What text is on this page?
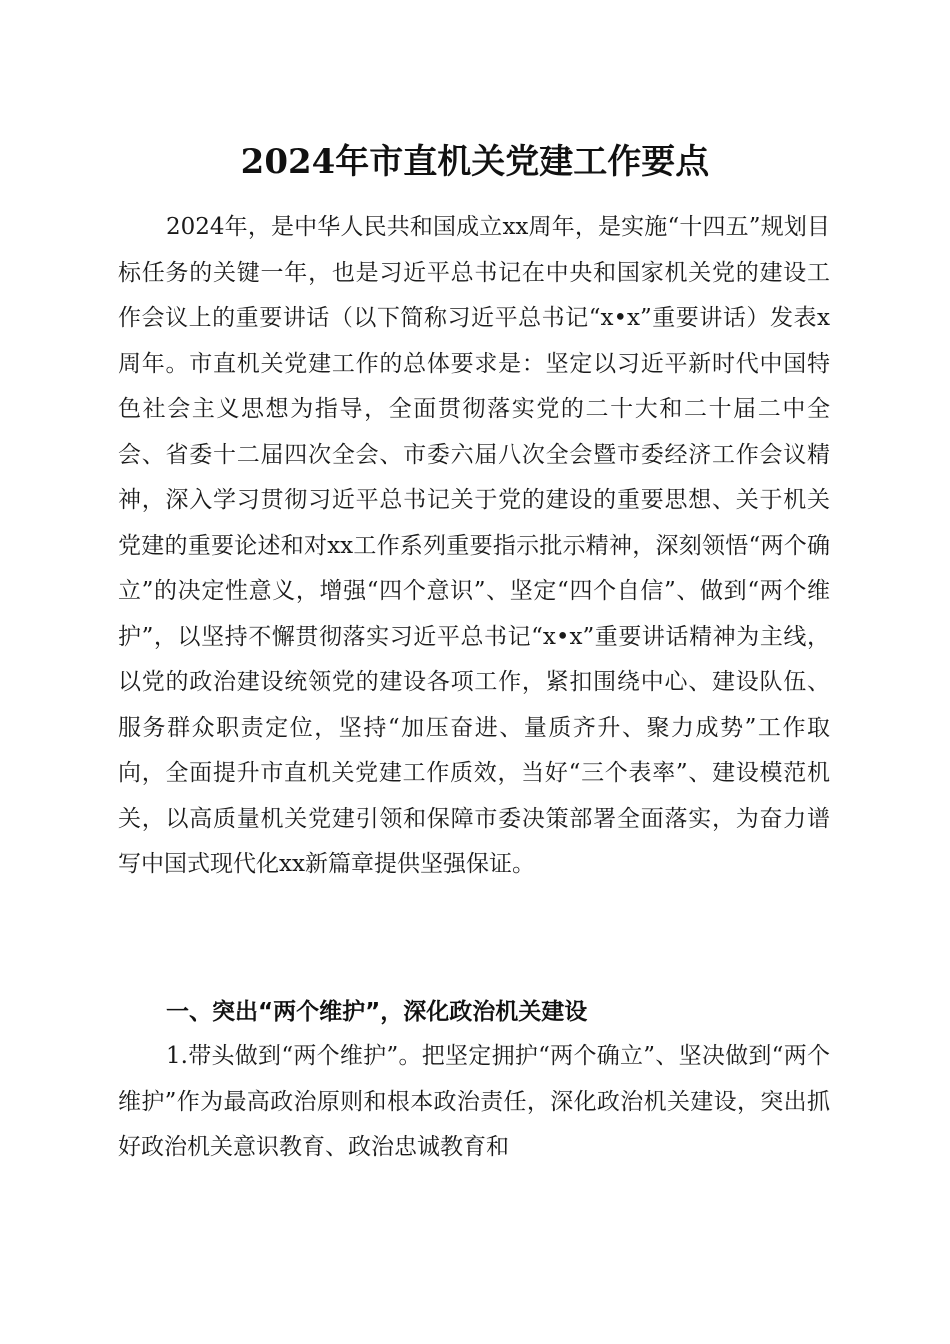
2024年市直机关党建工作要点

2024年，是中华人民共和国成立xx周年，是实施“十四五”规划目标任务的关键一年，也是习近平总书记在中央和国家机关党的建设工作会议上的重要讲话（以下简称习近平总书记“x•x”重要讲话）发表x周年。市直机关党建工作的总体要求是：坚定以习近平新时代中国特色社会主义思想为指导，全面贯彻落实党的二十大和二十届二中全会、省委十二届四次全会、市委六届八次全会暨市委经济工作会议精神，深入学习贯彻习近平总书记关于党的建设的重要思想、关于机关党建的重要论述和对xx工作系列重要指示批示精神，深刻领悟“两个确立”的决定性意义，增强“四个意识”、坚定“四个自信”、做到“两个维护”，以坚持不懈贯彻落实习近平总书记“x•x”重要讲话精神为主线，以党的政治建设统领党的建设各项工作，紧扣围绕中心、建设队伍、服务群众职责定位，坚持“加压奋进、量质齐升、聚力成势”工作取向，全面提升市直机关党建工作质效，当好“三个表率”、建设模范机关，以高质量机关党建引领和保障市委决策部署全面落实，为奋力谱写中国式现代化xx新篇章提供坚强保证。

一、突出“两个维护”，深化政治机关建设

1.带头做到“两个维护”。把坚定拥护“两个确立”、坚决做到“两个维护”作为最高政治原则和根本政治责任，深化政治机关建设，突出抓好政治机关意识教育、政治忠诚教育和
